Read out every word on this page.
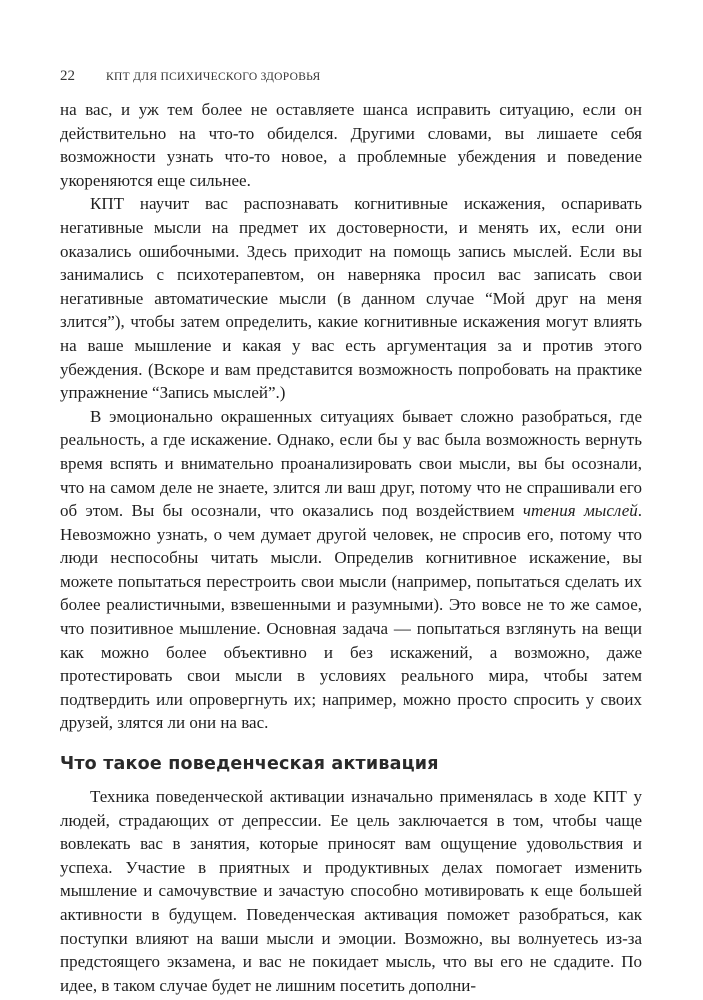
22	КПТ ДЛЯ ПСИХИЧЕСКОГО ЗДОРОВЬЯ

на вас, и уж тем более не оставляете шанса исправить ситуацию, если он действительно на что-то обиделся. Другими словами, вы лишаете себя возможности узнать что-то новое, а проблемные убеждения и поведение укореняются еще сильнее.

КПТ научит вас распознавать когнитивные искажения, оспаривать негативные мысли на предмет их достоверности, и менять их, если они оказались ошибочными. Здесь приходит на помощь запись мыслей. Если вы занимались с психотерапевтом, он наверняка просил вас записать свои негативные автоматические мысли (в данном случае “Мой друг на меня злится”), чтобы затем определить, какие когнитивные искажения могут влиять на ваше мышление и какая у вас есть аргументация за и против этого убеждения. (Вскоре и вам представится возможность попробовать на практике упражнение “Запись мыслей”.)

В эмоционально окрашенных ситуациях бывает сложно разобраться, где реальность, а где искажение. Однако, если бы у вас была возможность вернуть время вспять и внимательно проанализировать свои мысли, вы бы осознали, что на самом деле не знаете, злится ли ваш друг, потому что не спрашивали его об этом. Вы бы осознали, что оказались под воздействием чтения мыслей. Невозможно узнать, о чем думает другой человек, не спросив его, потому что люди неспособны читать мысли. Определив когнитивное искажение, вы можете попытаться перестроить свои мысли (например, попытаться сделать их более реалистичными, взвешенными и разумными). Это вовсе не то же самое, что позитивное мышление. Основная задача — попытаться взглянуть на вещи как можно более объективно и без искажений, а возможно, даже протестировать свои мысли в условиях реального мира, чтобы затем подтвердить или опровергнуть их; например, можно просто спросить у своих друзей, злятся ли они на вас.

Что такое поведенческая активация

Техника поведенческой активации изначально применялась в ходе КПТ у людей, страдающих от депрессии. Ее цель заключается в том, чтобы чаще вовлекать вас в занятия, которые приносят вам ощущение удовольствия и успеха. Участие в приятных и продуктивных делах помогает изменить мышление и самочувствие и зачастую способно мотивировать к еще большей активности в будущем. Поведенческая активация поможет разобраться, как поступки влияют на ваши мысли и эмоции. Возможно, вы волнуетесь из-за предстоящего экзамена, и вас не покидает мысль, что вы его не сдадите. По идее, в таком случае будет не лишним посетить дополни-
